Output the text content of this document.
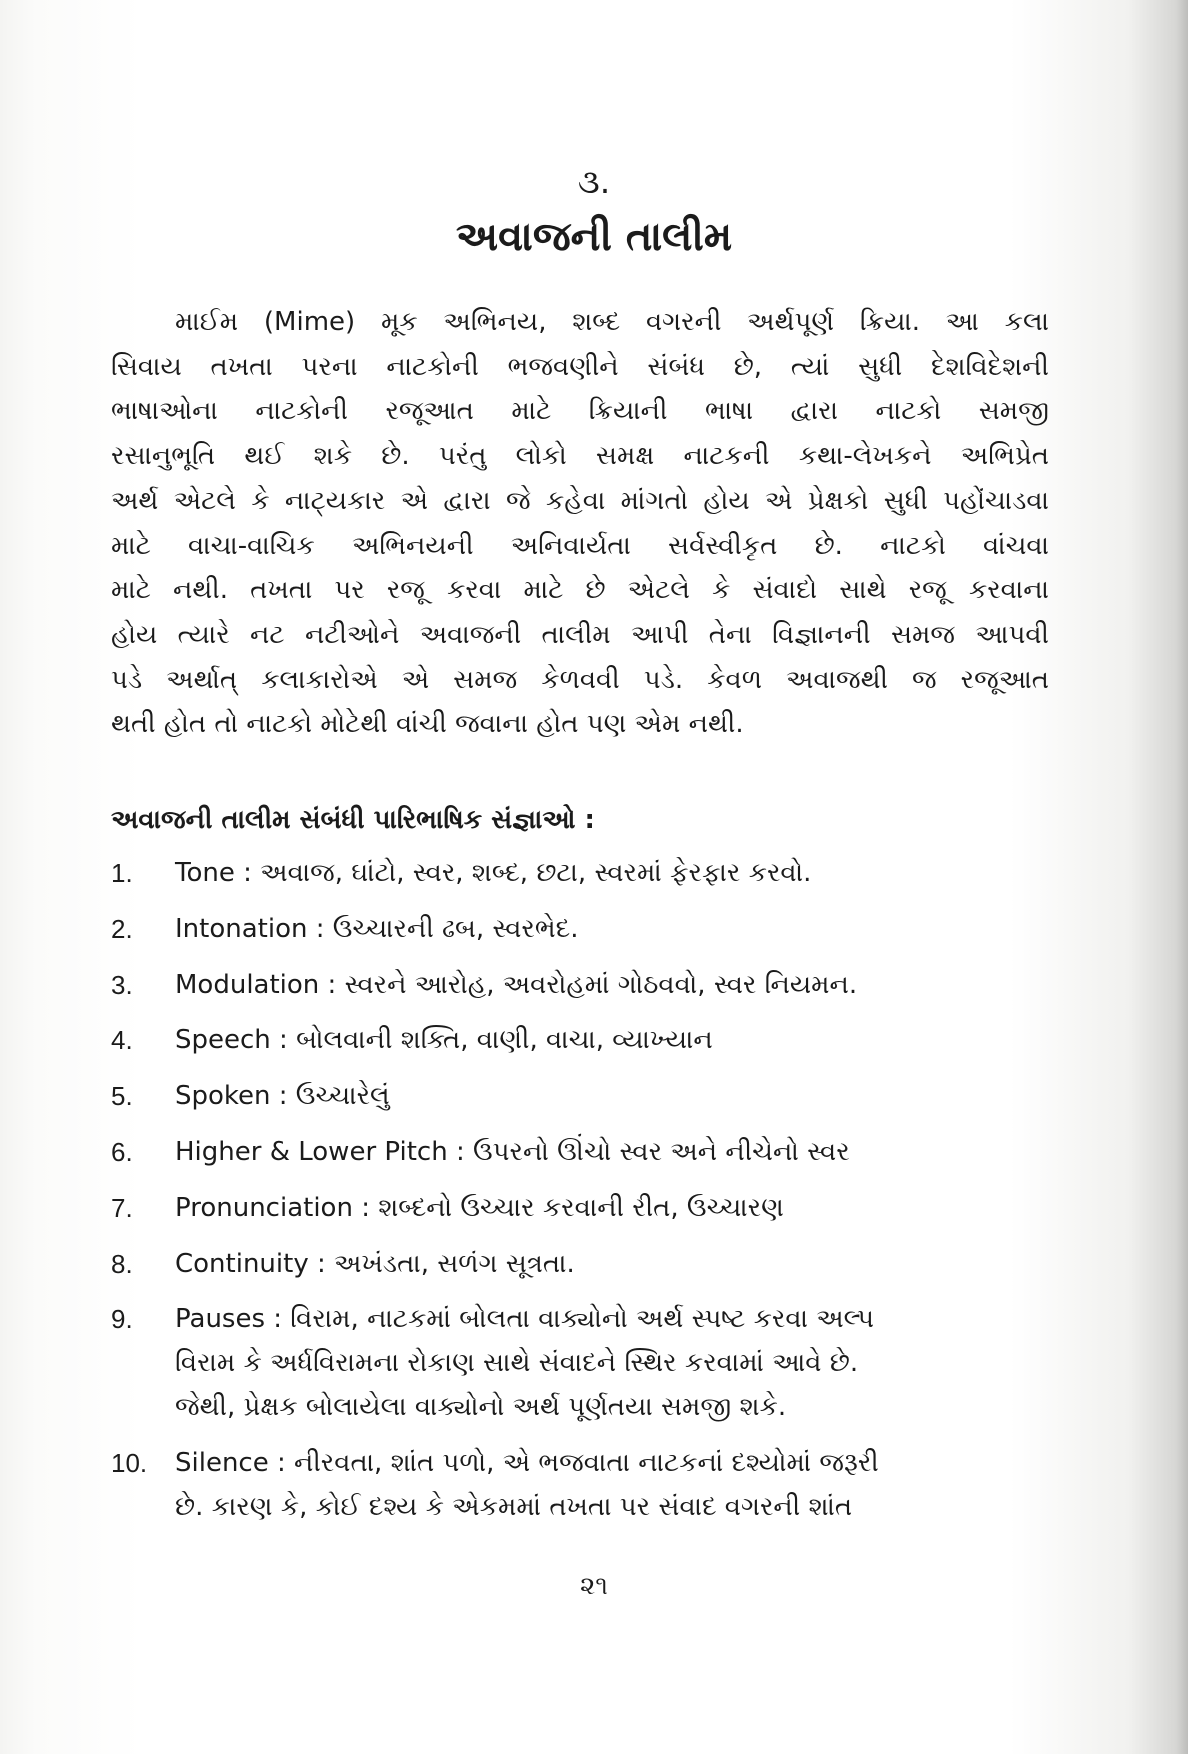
૩.
અવાજની તાલીમ
માઈમ (Mime) મૂક અભિનય, શબ્દ વગરની અર્થપૂર્ણ ક્રિયા. આ કલા
સિવાય તખતા પરના નાટકોની ભજવણીને સંબંધ છે, ત્યાં સુધી દેશવિદેશની
ભાષાઓના નાટકોની રજૂઆત માટે ક્રિયાની ભાષા દ્વારા નાટકો સમજી
રસાનુભૂતિ થઈ શકે છે. પરંતુ લોકો સમક્ષ નાટકની કથા-લેખકને અભિપ્રેત
અર્થ એટલે કે નાટ્યકાર એ દ્વારા જે કહેવા માંગતો હોય એ પ્રેક્ષકો સુધી પહોંચાડવા
માટે વાચા-વાચિક અભિનયની અનિવાર્યતા સર્વસ્વીકૃત છે. નાટકો વાંચવા
માટે નથી. તખતા પર રજૂ કરવા માટે છે એટલે કે સંવાદો સાથે રજૂ કરવાના
હોય ત્યારે નટ નટીઓને અવાજની તાલીમ આપી તેના વિજ્ઞાનની સમજ આપવી
પડે અર્થાત્ કલાકારોએ એ સમજ કેળવવી પડે. કેવળ અવાજથી જ રજૂઆત
થતી હોત તો નાટકો મોટેથી વાંચી જવાના હોત પણ એમ નથી.
અવાજની તાલીમ સંબંધી પારિભાષિક સંજ્ઞાઓ :
1. Tone : અવાજ, ઘાંટો, સ્વર, શબ્દ, છટા, સ્વરમાં ફેરફાર કરવો.
2. Intonation : ઉચ્ચારની ઢબ, સ્વરભેદ.
3. Modulation : સ્વરને આરોહ, અવરોહમાં ગોઠવવો, સ્વર નિયમન.
4. Speech : બોલવાની શક્તિ, વાણી, વાચા, વ્યાખ્યાન
5. Spoken : ઉચ્ચારેલું
6. Higher & Lower Pitch : ઉપરનો ઊંચો સ્વર અને નીચેનો સ્વર
7. Pronunciation : શબ્દનો ઉચ્ચાર કરવાની રીત, ઉચ્ચારણ
8. Continuity : અખંડતા, સળંગ સૂત્રતા.
9. Pauses : વિરામ, નાટકમાં બોલતા વાક્યોનો અર્થ સ્પષ્ટ કરવા અલ્પ
વિરામ કે અર્ધવિરામના રોકાણ સાથે સંવાદને સ્થિર કરવામાં આવે છે.
જેથી, પ્રેક્ષક બોલાયેલા વાક્યોનો અર્થ પૂર્ણતયા સમજી શકે.
10. Silence : નીરવતા, શાંત પળો, એ ભજવાતા નાટકનાં દશ્યોમાં જરૂરી
છે. કારણ કે, કોઈ દશ્ય કે એકમમાં તખતા પર સંવાદ વગરની શાંત
૨૧
